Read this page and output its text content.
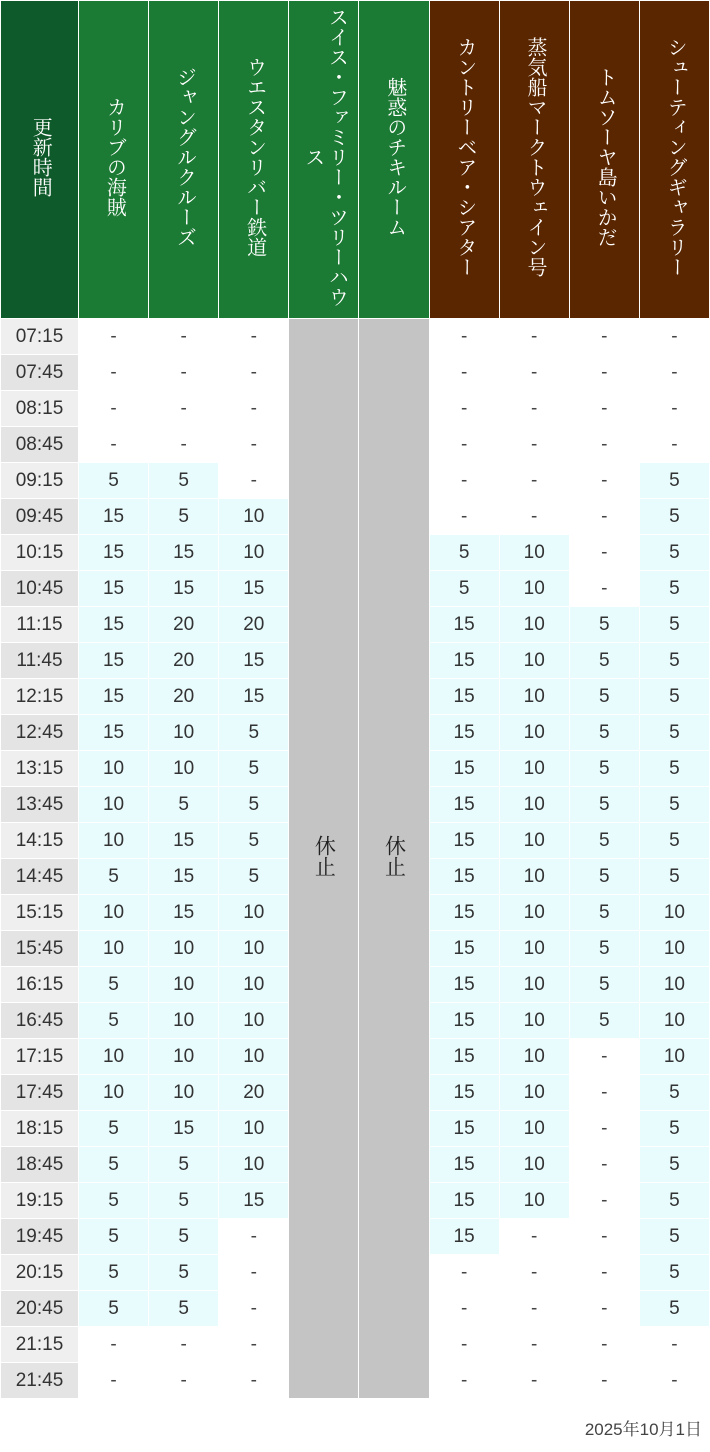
更新時間	カリブの海賊	ジャングルクルーズ	ウエスタンリバー鉄道	スイス・ファミリー・ツリーハウス	魅惑のチキルーム	カントリーベア・シアター	蒸気船マークトウェイン号	トムソーヤ島いかだ	シューティングギャラリー
07:15	-	-	-	休止	休止	-	-	-	-
07:45	-	-	-			-	-	-	-
08:15	-	-	-			-	-	-	-
08:45	-	-	-			-	-	-	-
09:15	5	5	-			-	-	-	5
09:45	15	5	10			-	-	-	5
10:15	15	15	10			5	10	-	5
10:45	15	15	15			5	10	-	5
11:15	15	20	20			15	10	5	5
11:45	15	20	15			15	10	5	5
12:15	15	20	15			15	10	5	5
12:45	15	10	5			15	10	5	5
13:15	10	10	5			15	10	5	5
13:45	10	5	5			15	10	5	5
14:15	10	15	5			15	10	5	5
14:45	5	15	5			15	10	5	5
15:15	10	15	10			15	10	5	10
15:45	10	10	10			15	10	5	10
16:15	5	10	10			15	10	5	10
16:45	5	10	10			15	10	5	10
17:15	10	10	10			15	10	-	10
17:45	10	10	20			15	10	-	5
18:15	5	15	10			15	10	-	5
18:45	5	5	10			15	10	-	5
19:15	5	5	15			15	10	-	5
19:45	5	5	-			15	-	-	5
20:15	5	5	-			-	-	-	5
20:45	5	5	-			-	-	-	5
21:15	-	-	-			-	-	-	-
21:45	-	-	-			-	-	-	-
2025年10月1日
